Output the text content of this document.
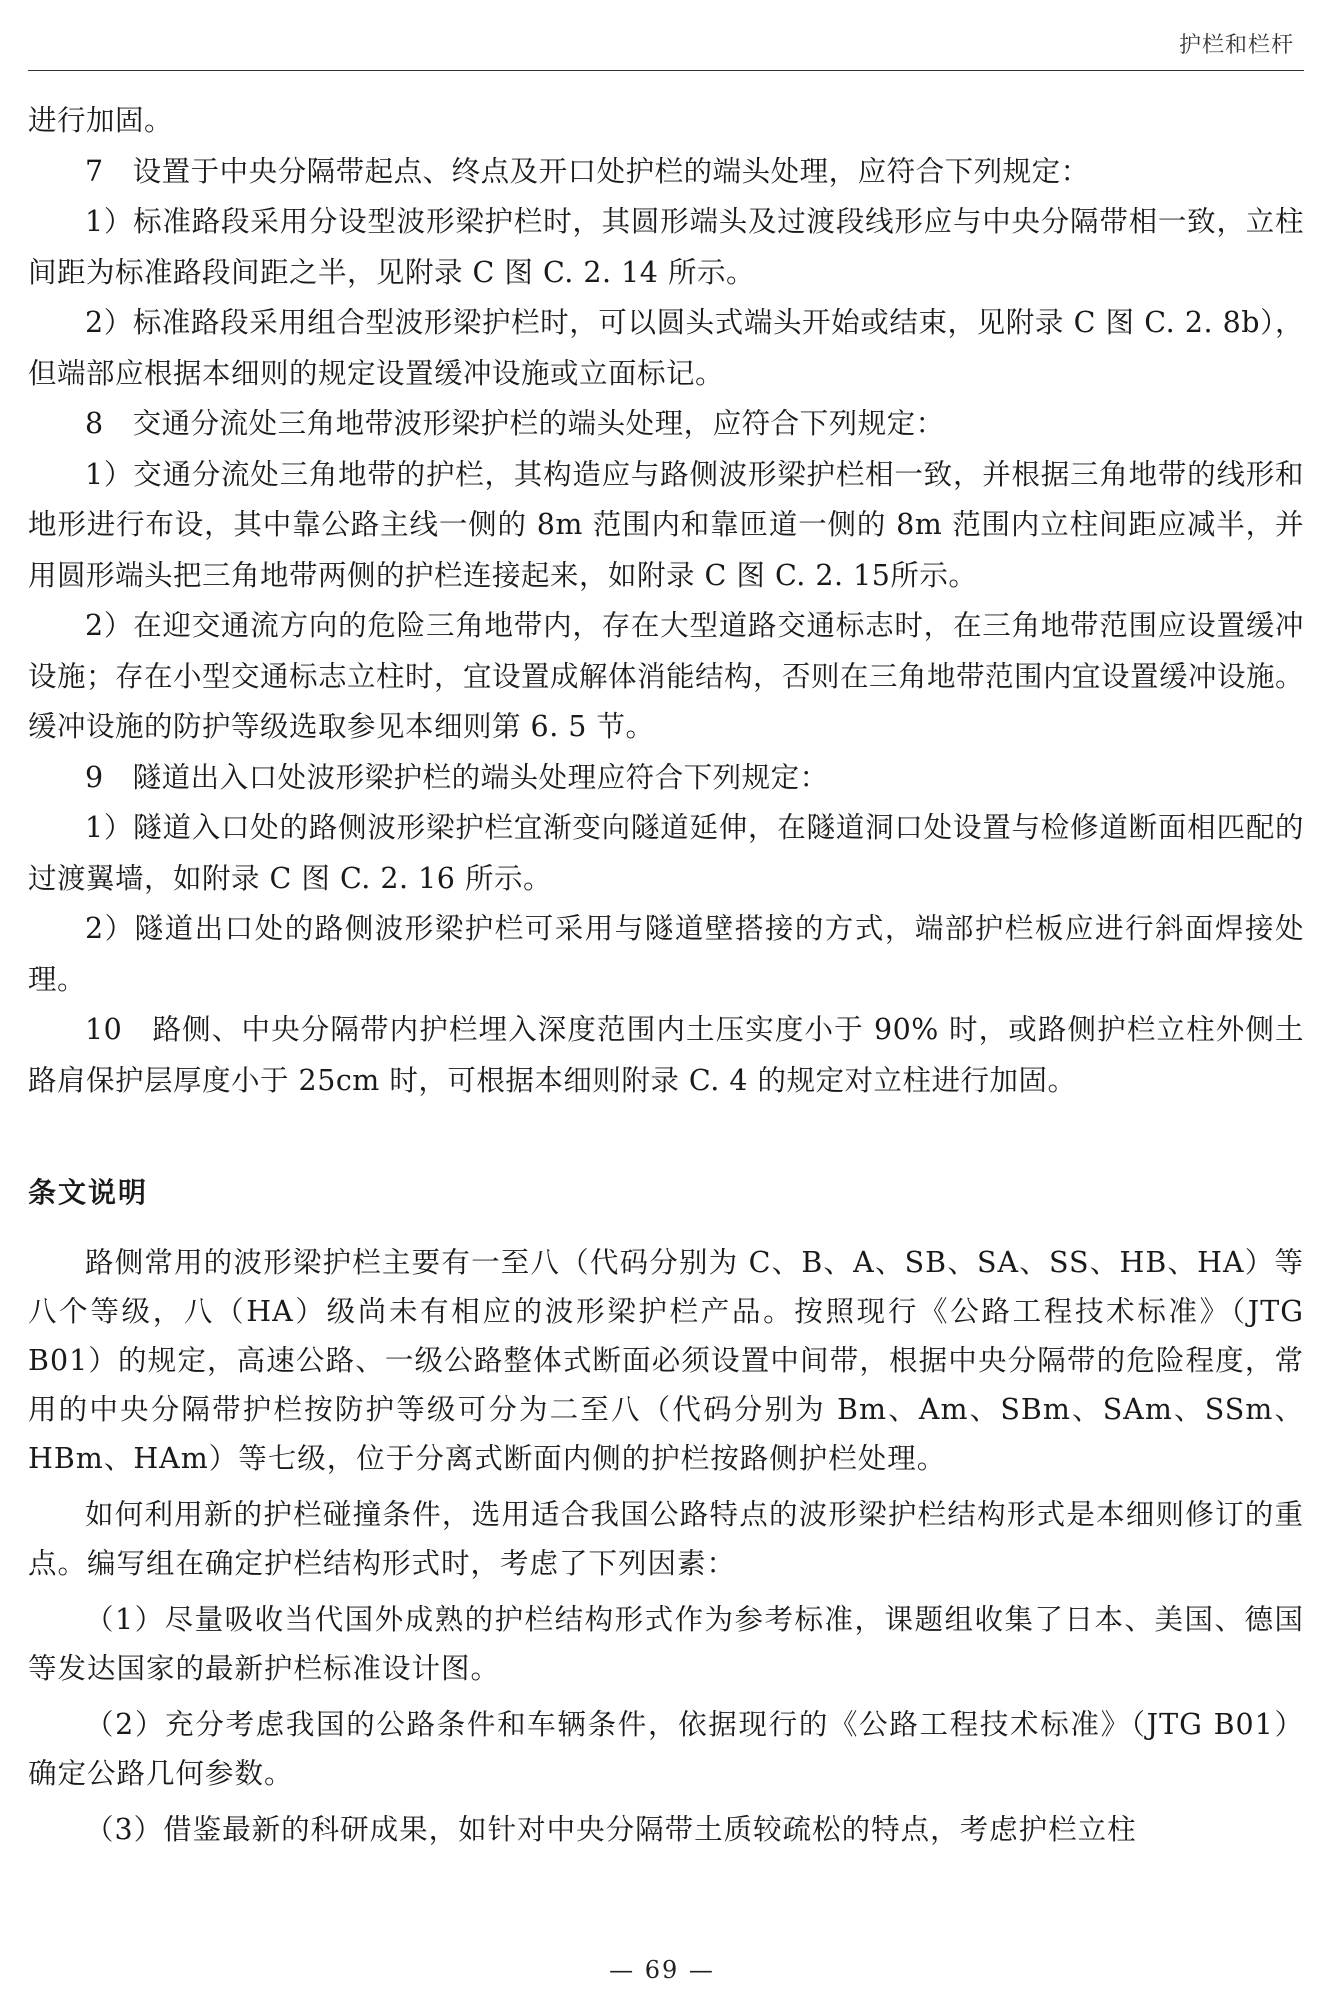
护栏和栏杆

进行加固。

7　设置于中央分隔带起点、终点及开口处护栏的端头处理，应符合下列规定：

1）标准路段采用分设型波形梁护栏时，其圆形端头及过渡段线形应与中央分隔带相一致，立柱间距为标准路段间距之半，见附录 C 图 C. 2. 14 所示。

2）标准路段采用组合型波形梁护栏时，可以圆头式端头开始或结束，见附录 C 图 C. 2. 8b），但端部应根据本细则的规定设置缓冲设施或立面标记。

8　交通分流处三角地带波形梁护栏的端头处理，应符合下列规定：

1）交通分流处三角地带的护栏，其构造应与路侧波形梁护栏相一致，并根据三角地带的线形和地形进行布设，其中靠公路主线一侧的 8m 范围内和靠匝道一侧的 8m 范围内立柱间距应减半，并用圆形端头把三角地带两侧的护栏连接起来，如附录 C 图 C. 2. 15所示。

2）在迎交通流方向的危险三角地带内，存在大型道路交通标志时，在三角地带范围应设置缓冲设施；存在小型交通标志立柱时，宜设置成解体消能结构，否则在三角地带范围内宜设置缓冲设施。缓冲设施的防护等级选取参见本细则第 6. 5 节。

9　隧道出入口处波形梁护栏的端头处理应符合下列规定：

1）隧道入口处的路侧波形梁护栏宜渐变向隧道延伸，在隧道洞口处设置与检修道断面相匹配的过渡翼墙，如附录 C 图 C. 2. 16 所示。

2）隧道出口处的路侧波形梁护栏可采用与隧道壁搭接的方式，端部护栏板应进行斜面焊接处理。

10　路侧、中央分隔带内护栏埋入深度范围内土压实度小于 90% 时，或路侧护栏立柱外侧土路肩保护层厚度小于 25cm 时，可根据本细则附录 C. 4 的规定对立柱进行加固。

条文说明

路侧常用的波形梁护栏主要有一至八（代码分别为 C、B、A、SB、SA、SS、HB、HA）等八个等级，八（HA）级尚未有相应的波形梁护栏产品。按照现行《公路工程技术标准》（JTG B01）的规定，高速公路、一级公路整体式断面必须设置中间带，根据中央分隔带的危险程度，常用的中央分隔带护栏按防护等级可分为二至八（代码分别为 Bm、Am、SBm、SAm、SSm、HBm、HAm）等七级，位于分离式断面内侧的护栏按路侧护栏处理。

如何利用新的护栏碰撞条件，选用适合我国公路特点的波形梁护栏结构形式是本细则修订的重点。编写组在确定护栏结构形式时，考虑了下列因素：

（1）尽量吸收当代国外成熟的护栏结构形式作为参考标准，课题组收集了日本、美国、德国等发达国家的最新护栏标准设计图。

（2）充分考虑我国的公路条件和车辆条件，依据现行的《公路工程技术标准》（JTG B01）确定公路几何参数。

（3）借鉴最新的科研成果，如针对中央分隔带土质较疏松的特点，考虑护栏立柱

— 69 —
